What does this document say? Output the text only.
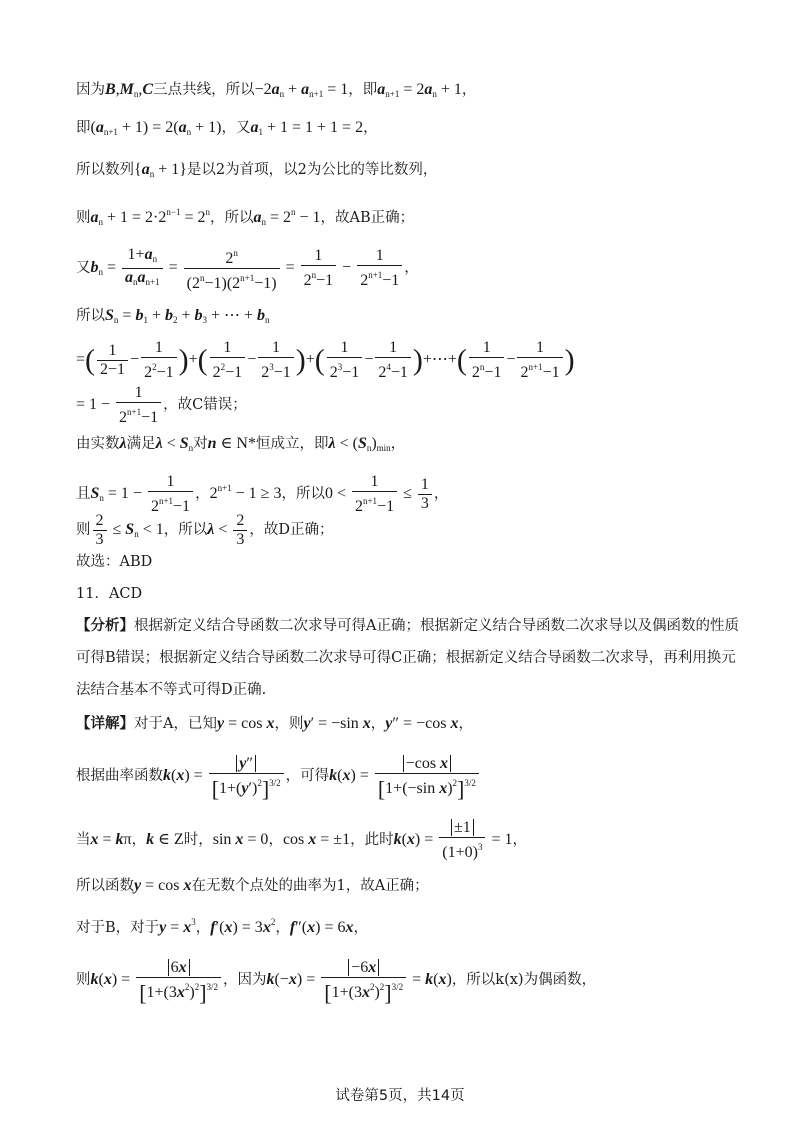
因为$B,M_n,C$三点共线，所以$-2a_n + a_{n+1} = 1$，即$a_{n+1} = 2a_n + 1$，
即$(a_{n+1} + 1) = 2(a_n + 1)$，又$a_1 + 1 = 1 + 1 = 2$，
所以数列$\{a_n + 1\}$是以2为首项，以2为公比的等比数列，
则$a_n + 1 = 2\cdot 2^{n-1} = 2^n$，所以$a_n = 2^n - 1$，故AB正确；
又$b_n = \frac{1+a_n}{a_na_{n+1}} = \frac{2^n}{(2^n-1)(2^{n+1}-1)} = \frac{1}{2^n-1} - \frac{1}{2^{n+1}-1}$ ，
所以$S_n = b_1 + b_2 + b_3$ + ⋯ + $b_n$
=( $\frac{1}{2-1} - \frac{1}{2^2-1}$ )+( $\frac{1}{2^2-1} - \frac{1}{2^3-1}$ )+( $\frac{1}{2^3-1} - \frac{1}{2^4-1}$ )+⋯+( $\frac{1}{2^n-1} - \frac{1}{2^{n+1}-1}$ )
= $1 - \frac{1}{2^{n+1}-1}$ ，故C错误；
由实数λ满足$\lambda < S_n$对n ∈ N*恒成立，即$\lambda < (S_n)_{min}$，
且$S_n = 1 - \frac{1}{2^{n+1}-1}$ ，$2^{n+1} - 1 \ge 3$，所以$0 < \frac{1}{2^{n+1}-1} \le \frac{1}{3}$ ，
则 $\frac{2}{3} \le S_n < 1$，所以$\lambda < \frac{2}{3}$ ，故D正确；
故选：ABD
11．ACD
【分析】根据新定义结合导函数二次求导可得A正确；根据新定义结合导函数二次求导以及偶函数的性质
可得B错误；根据新定义结合导函数二次求导可得C正确；根据新定义结合导函数二次求导，再利用换元
法结合基本不等式可得D正确.
【详解】对于A，已知y = cos x，则y′ = −sin x，y″ = −cos x，
根据曲率函数$k(x) = \frac{y''}{[1+(y')^2]^{3/2}}$ ，可得$k(x) = \frac{\text{−cos x}}{[1+(-\sin x)^2]^{3/2}}$
当x = kπ，k ∈ Z时，sin x = 0，cos x = ±1，此时$k(x) = \frac{\pm 1}{(1+0)^3} = 1$，
所以函数y = cos x在无数个点处的曲率为1，故A正确；
对于B，对于$y = x^3$，$f'(x) = 3x^2$，f″(x) = 6x，
则$k(x) = \frac{6x}{[1+(3x^2)^2]^{3/2}}$ ，因为$k(-x) = \frac{-6x}{[1+(3x^2)^2]^{3/2}} = k(x)$，所以k(x)为偶函数，
试卷第5页，共14页
